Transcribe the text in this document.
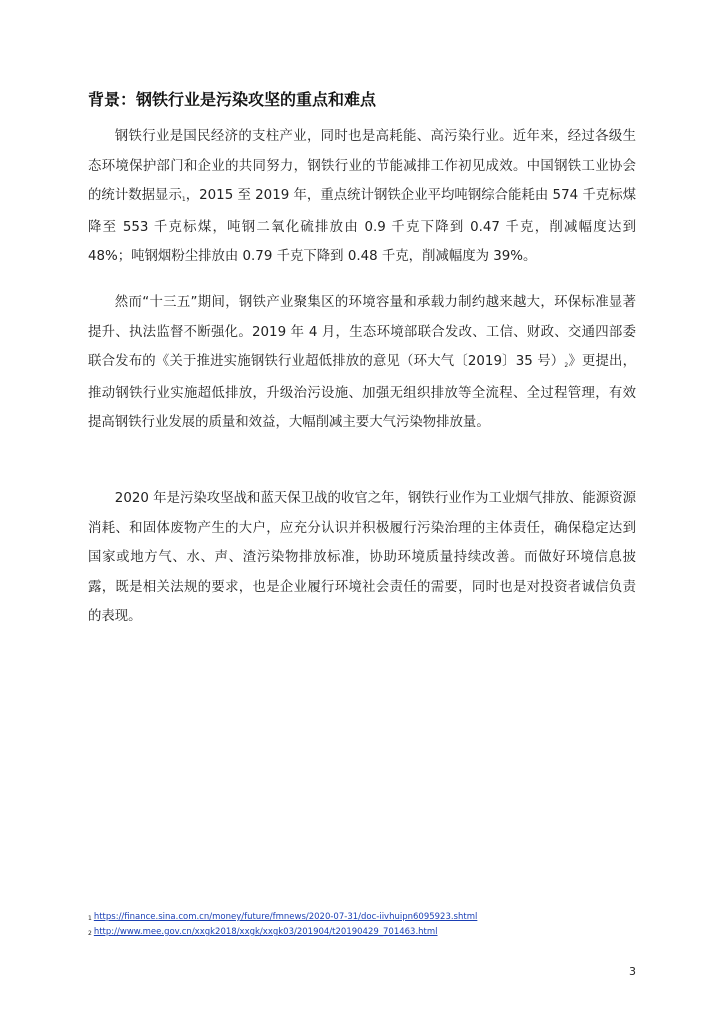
背景：钢铁行业是污染攻坚的重点和难点

钢铁行业是国民经济的支柱产业，同时也是高耗能、高污染行业。近年来，经过各级生态环境保护部门和企业的共同努力，钢铁行业的节能减排工作初见成效。中国钢铁工业协会的统计数据显示$_1$，2015 至 2019 年，重点统计钢铁企业平均吨钢综合能耗由 574 千克标煤降至 553 千克标煤，吨钢二氧化硫排放由 0.9 千克下降到 0.47 千克，削减幅度达到 48%；吨钢烟粉尘排放由 0.79 千克下降到 0.48 千克，削减幅度为 39%。

然而“十三五”期间，钢铁产业聚集区的环境容量和承载力制约越来越大，环保标准显著提升、执法监督不断强化。2019 年 4 月，生态环境部联合发改、工信、财政、交通四部委联合发布的《关于推进实施钢铁行业超低排放的意见（环大气〔2019〕35 号）$_2$》更提出，推动钢铁行业实施超低排放，升级治污设施、加强无组织排放等全流程、全过程管理，有效提高钢铁行业发展的质量和效益，大幅削减主要大气污染物排放量。

2020 年是污染攻坚战和蓝天保卫战的收官之年，钢铁行业作为工业烟气排放、能源资源消耗、和固体废物产生的大户，应充分认识并积极履行污染治理的主体责任，确保稳定达到国家或地方气、水、声、渣污染物排放标准，协助环境质量持续改善。而做好环境信息披露，既是相关法规的要求，也是企业履行环境社会责任的需要，同时也是对投资者诚信负责的表现。

1 https://finance.sina.com.cn/money/future/fmnews/2020-07-31/doc-iivhuipn6095923.shtml
2 http://www.mee.gov.cn/xxgk2018/xxgk/xxgk03/201904/t20190429_701463.html
3
